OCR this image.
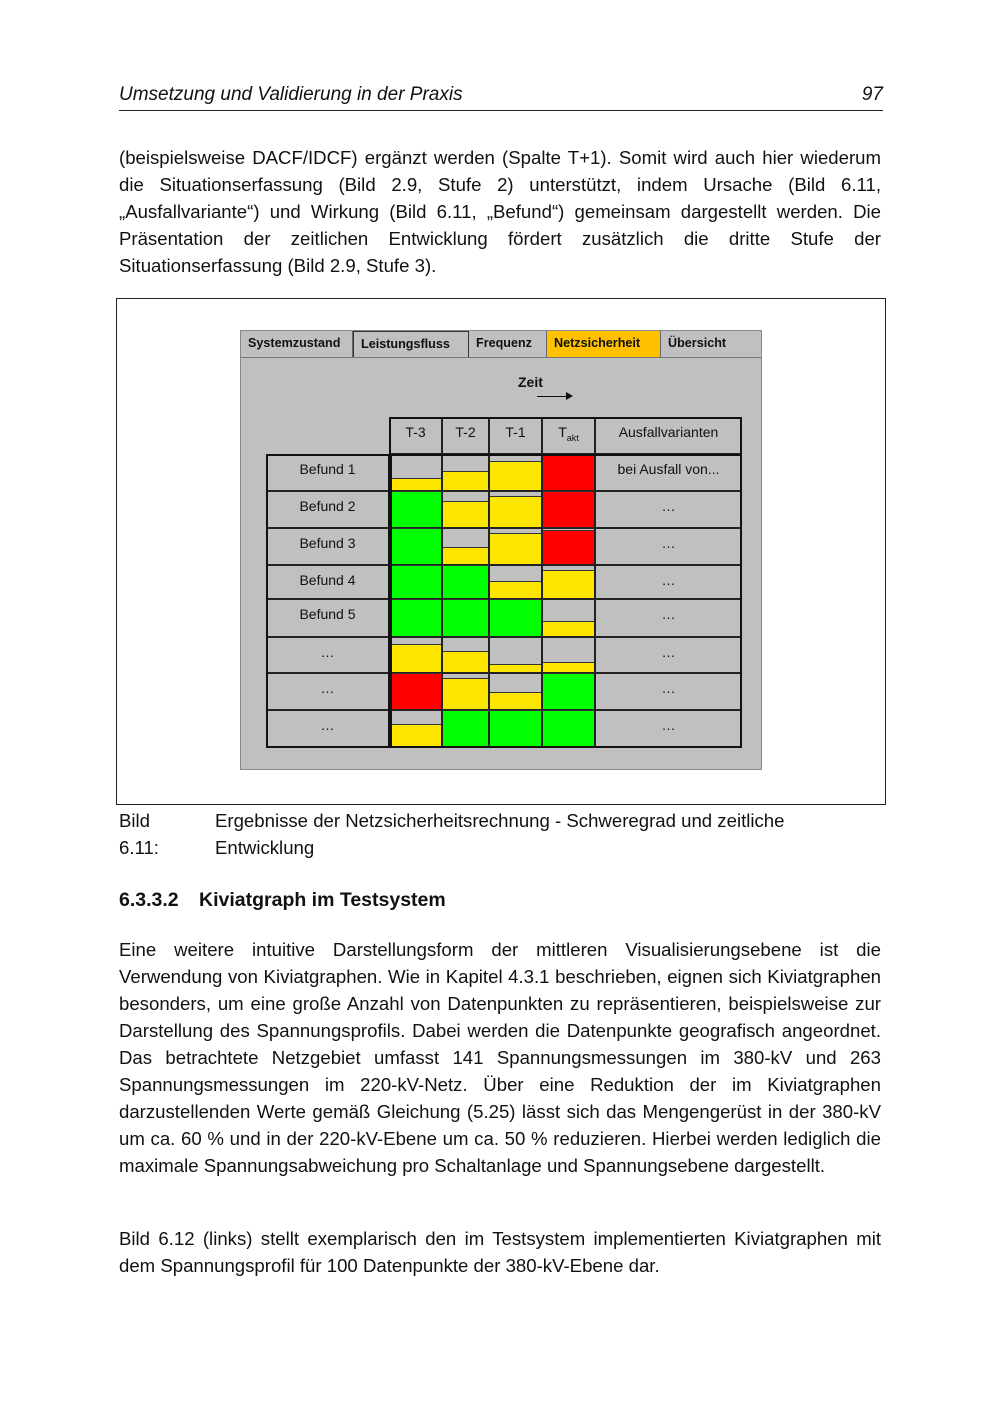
Umsetzung und Validierung in der Praxis	97

(beispielsweise DACF/IDCF) ergänzt werden (Spalte T+1). Somit wird auch hier wiederum die Situationserfassung (Bild 2.9, Stufe 2) unterstützt, indem Ursache (Bild 6.11, „Ausfallvariante“) und Wirkung (Bild 6.11, „Befund“) gemeinsam dargestellt werden. Die Präsentation der zeitlichen Entwicklung fördert zusätzlich die dritte Stufe der Situationserfassung (Bild 2.9, Stufe 3).

Systemzustand	Leistungsfluss	Frequenz	Netzsicherheit	Übersicht
Zeit
T-3	T-2	T-1	$T_{akt}$	Ausfallvarianten
Befund 1	bei Ausfall von...
Befund 2	…
Befund 3	…
Befund 4	…
Befund 5	…
…	…
…	…
…	…
Bild 6.11:
Ergebnisse der Netzsicherheitsrechnung - Schweregrad und zeitliche Entwicklung
6.3.3.2 Kiviatgraph im Testsystem

Eine weitere intuitive Darstellungsform der mittleren Visualisierungsebene ist die Verwendung von Kiviatgraphen. Wie in Kapitel 4.3.1 beschrieben, eignen sich Kiviatgraphen besonders, um eine große Anzahl von Datenpunkten zu repräsentieren, beispielsweise zur Darstellung des Spannungsprofils. Dabei werden die Datenpunkte geografisch angeordnet. Das betrachtete Netzgebiet umfasst 141 Spannungsmessungen im 380-kV und 263 Spannungsmessungen im 220-kV-Netz. Über eine Reduktion der im Kiviatgraphen darzustellenden Werte gemäß Gleichung (5.25) lässt sich das Mengengerüst in der 380-kV um ca. 60 % und in der 220-kV-Ebene um ca. 50 % reduzieren. Hierbei werden lediglich die maximale Spannungsabweichung pro Schaltanlage und Spannungsebene dargestellt.

Bild 6.12 (links) stellt exemplarisch den im Testsystem implementierten Kiviatgraphen mit dem Spannungsprofil für 100 Datenpunkte der 380-kV-Ebene dar.
